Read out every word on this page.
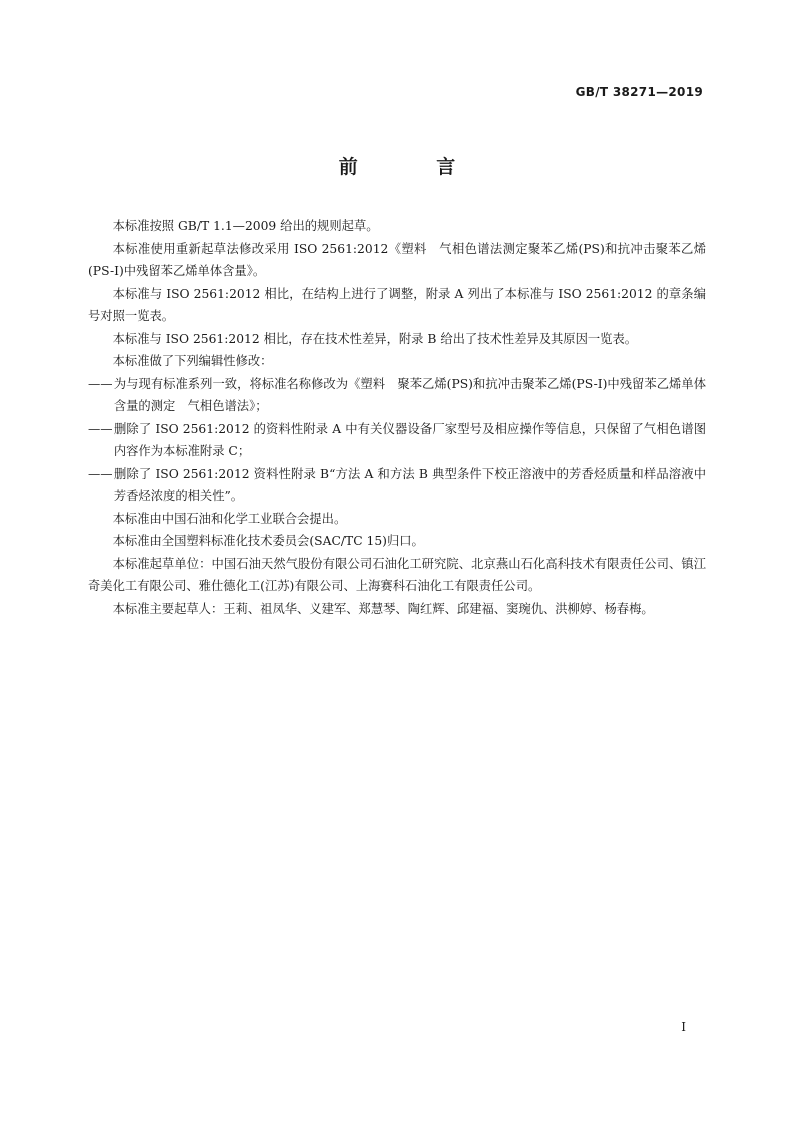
GB/T 38271—2019
前 言

本标准按照 GB/T 1.1—2009 给出的规则起草。

本标准使用重新起草法修改采用 ISO 2561:2012《塑料　气相色谱法测定聚苯乙烯(PS)和抗冲击聚苯乙烯(PS-I)中残留苯乙烯单体含量》。

本标准与 ISO 2561:2012 相比，在结构上进行了调整，附录 A 列出了本标准与 ISO 2561:2012 的章条编号对照一览表。

本标准与 ISO 2561:2012 相比，存在技术性差异，附录 B 给出了技术性差异及其原因一览表。

本标准做了下列编辑性修改：

——为与现有标准系列一致，将标准名称修改为《塑料　聚苯乙烯(PS)和抗冲击聚苯乙烯(PS-I)中残留苯乙烯单体含量的测定　气相色谱法》；

——删除了 ISO 2561:2012 的资料性附录 A 中有关仪器设备厂家型号及相应操作等信息，只保留了气相色谱图内容作为本标准附录 C；

——删除了 ISO 2561:2012 资料性附录 B“方法 A 和方法 B 典型条件下校正溶液中的芳香烃质量和样品溶液中芳香烃浓度的相关性”。

本标准由中国石油和化学工业联合会提出。

本标准由全国塑料标准化技术委员会(SAC/TC 15)归口。

本标准起草单位：中国石油天然气股份有限公司石油化工研究院、北京燕山石化高科技术有限责任公司、镇江奇美化工有限公司、雅仕德化工(江苏)有限公司、上海赛科石油化工有限责任公司。

本标准主要起草人：王莉、祖凤华、义建军、郑慧琴、陶红辉、邱建福、窦琬仇、洪柳婷、杨春梅。

I
